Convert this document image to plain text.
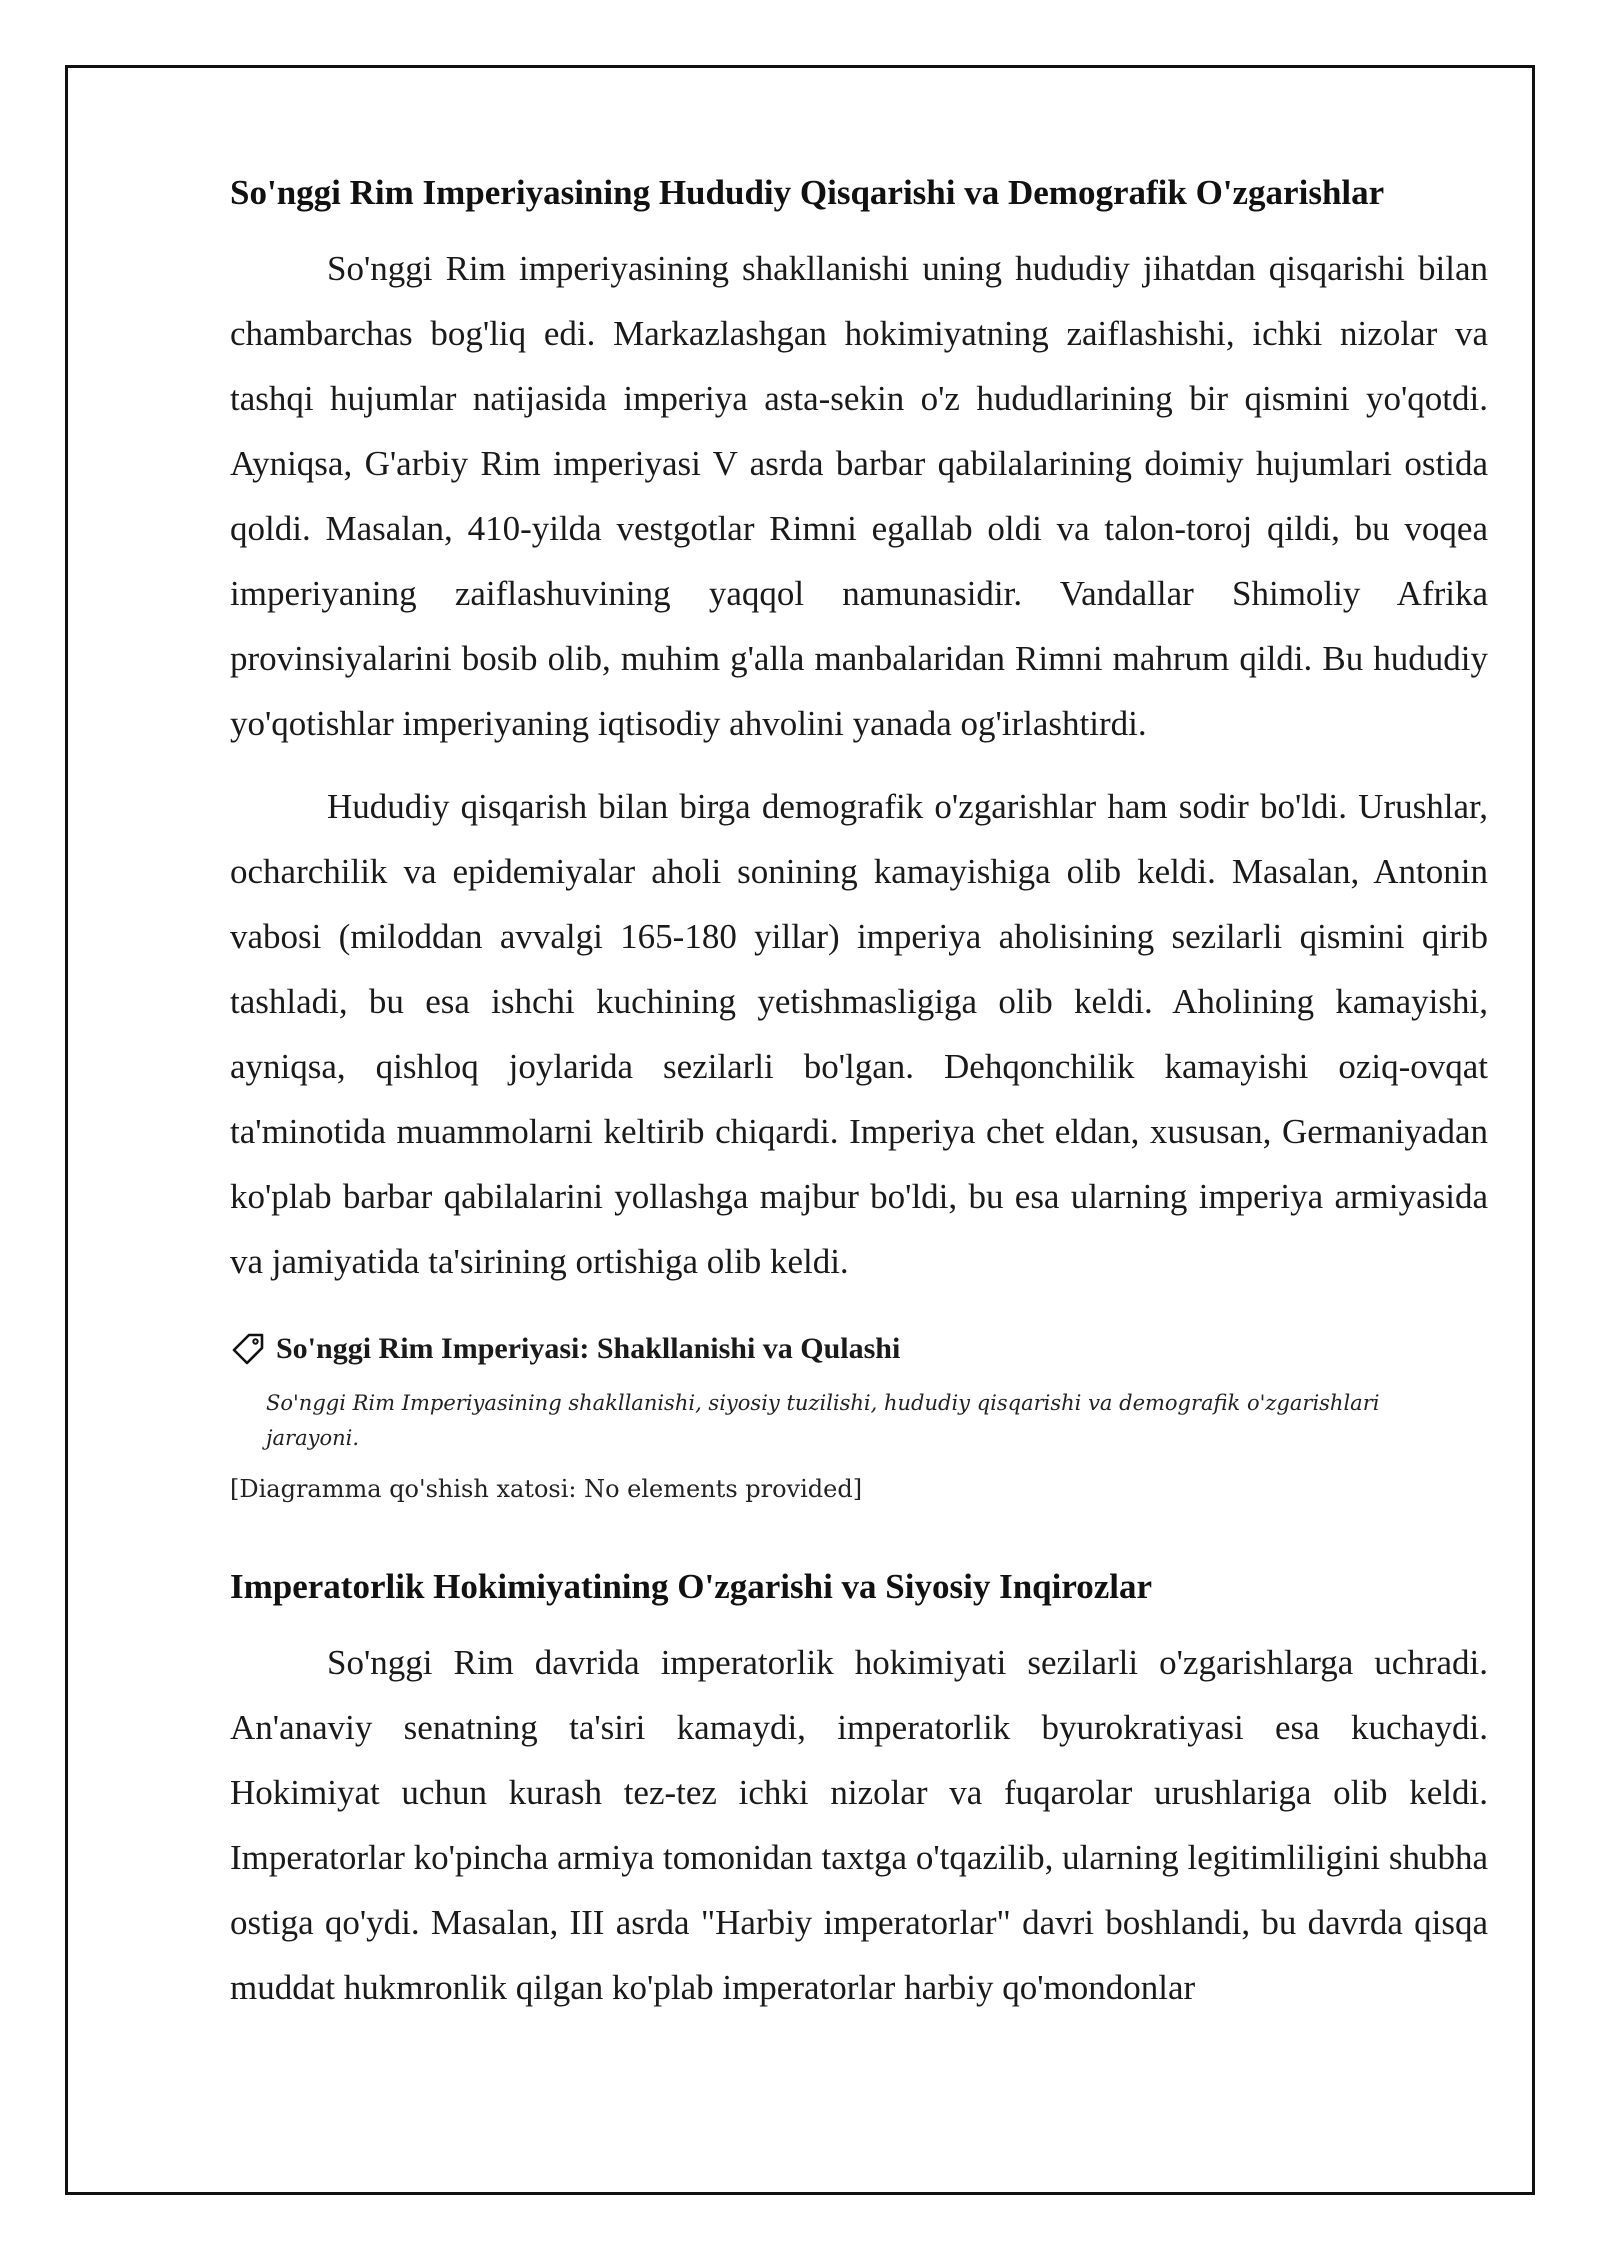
So'nggi Rim Imperiyasining Hududiy Qisqarishi va Demografik O'zgarishlar

So'nggi Rim imperiyasining shakllanishi uning hududiy jihatdan qisqarishi bilan chambarchas bog'liq edi. Markazlashgan hokimiyatning zaiflashishi, ichki nizolar va tashqi hujumlar natijasida imperiya asta-sekin o'z hududlarining bir qismini yo'qotdi. Ayniqsa, G'arbiy Rim imperiyasi V asrda barbar qabilalarining doimiy hujumlari ostida qoldi. Masalan, 410-yilda vestgotlar Rimni egallab oldi va talon-toroj qildi, bu voqea imperiyaning zaiflashuvining yaqqol namunasidir. Vandallar Shimoliy Afrika provinsiyalarini bosib olib, muhim g'alla manbalaridan Rimni mahrum qildi. Bu hududiy yo'qotishlar imperiyaning iqtisodiy ahvolini yanada og'irlashtirdi.

Hududiy qisqarish bilan birga demografik o'zgarishlar ham sodir bo'ldi. Urushlar, ocharchilik va epidemiyalar aholi sonining kamayishiga olib keldi. Masalan, Antonin vabosi (miloddan avvalgi 165-180 yillar) imperiya aholisining sezilarli qismini qirib tashladi, bu esa ishchi kuchining yetishmasligiga olib keldi. Aholining kamayishi, ayniqsa, qishloq joylarida sezilarli bo'lgan. Dehqonchilik kamayishi oziq-ovqat ta'minotida muammolarni keltirib chiqardi. Imperiya chet eldan, xususan, Germaniyadan ko'plab barbar qabilalarini yollashga majbur bo'ldi, bu esa ularning imperiya armiyasida va jamiyatida ta'sirining ortishiga olib keldi.

So'nggi Rim Imperiyasi: Shakllanishi va Qulashi
So'nggi Rim Imperiyasining shakllanishi, siyosiy tuzilishi, hududiy qisqarishi va demografik o'zgarishlari jarayoni.
[Diagramma qo'shish xatosi: No elements provided]
Imperatorlik Hokimiyatining O'zgarishi va Siyosiy Inqirozlar

So'nggi Rim davrida imperatorlik hokimiyati sezilarli o'zgarishlarga uchradi. An'anaviy senatning ta'siri kamaydi, imperatorlik byurokratiyasi esa kuchaydi. Hokimiyat uchun kurash tez-tez ichki nizolar va fuqarolar urushlariga olib keldi. Imperatorlar ko'pincha armiya tomonidan taxtga o'tqazilib, ularning legitimliligini shubha ostiga qo'ydi. Masalan, III asrda "Harbiy imperatorlar" davri boshlandi, bu davrda qisqa muddat hukmronlik qilgan ko'plab imperatorlar harbiy qo'mondonlar
